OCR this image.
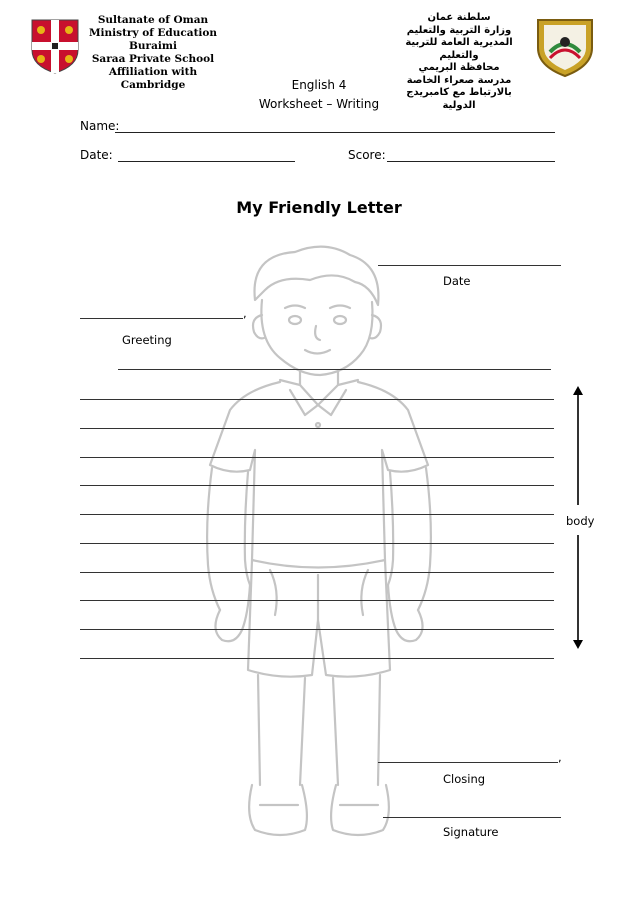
Sultanate of Oman
Ministry of Education
Buraimi
Saraa Private School
Affiliation with Cambridge
سلطنة عمان
وزارة التربية والتعليم
المديرية العامة للتربية والتعليم
محافظة البريمي
مدرسة صعراء الخاصة
بالارتباط مع كامبريدج الدولية
English 4
Worksheet – Writing
Name:
Date:	Score:
My Friendly Letter
Date
,
Greeting
body
,
Closing
Signature
